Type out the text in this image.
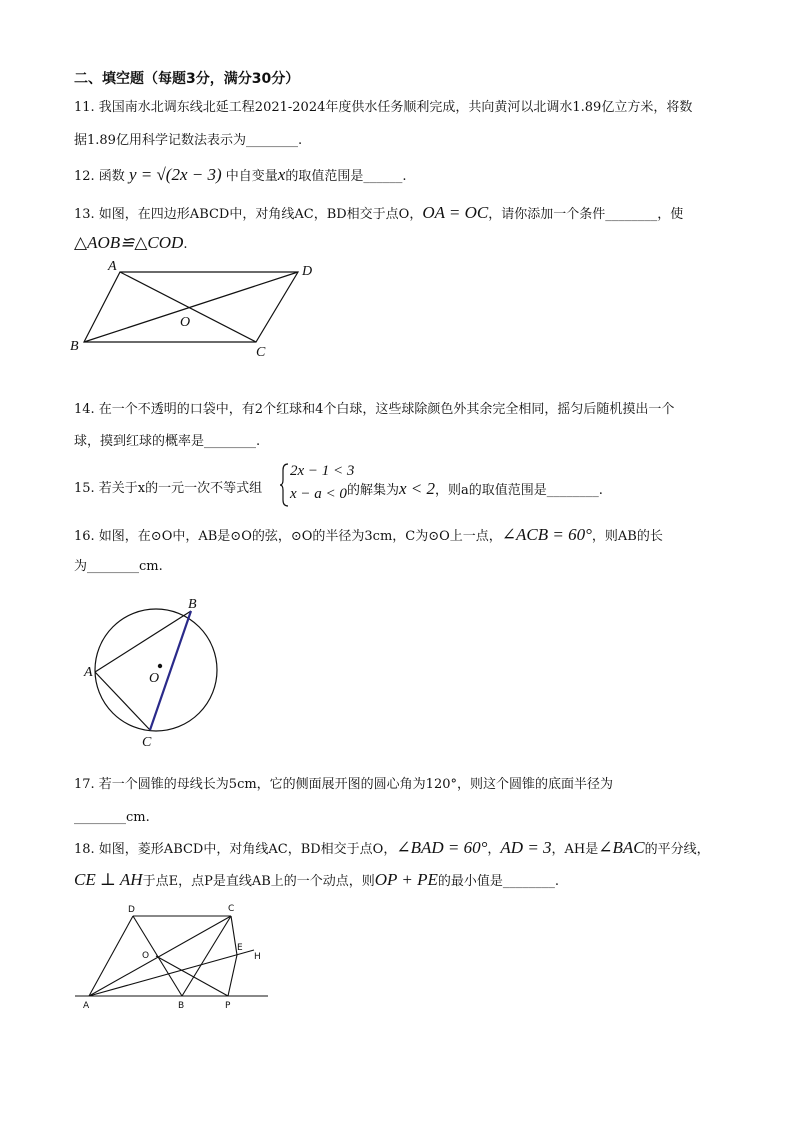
二、填空题（每题3分，满分30分）
11. 我国南水北调东线北延工程2021-2024年度供水任务顺利完成，共向黄河以北调水1.89亿立方米，将数
据1.89亿用科学记数法表示为________.
12. 函数 y = √(2x − 3) 中自变量x的取值范围是______.
13. 如图，在四边形ABCD中，对角线AC，BD相交于点O，OA = OC，请你添加一个条件________，使
△AOB≌△COD.
A	D
O
B	C
14. 在一个不透明的口袋中，有2个红球和4个白球，这些球除颜色外其余完全相同，摇匀后随机摸出一个
球，摸到红球的概率是________.
15. 若关于x的一元一次不等式组
2x − 1 < 3
x − a < 0 的解集为x < 2，则a的取值范围是________.
16. 如图，在⊙O中，AB是⊙O的弦，⊙O的半径为3cm，C为⊙O上一点，∠ACB = 60°，则AB的长
为________cm.
B
A	O
C
17. 若一个圆锥的母线长为5cm，它的侧面展开图的圆心角为120°，则这个圆锥的底面半径为
________cm.
18. 如图，菱形ABCD中，对角线AC，BD相交于点O，∠BAD = 60°，AD = 3，AH是∠BAC的平分线，
CE ⊥ AH于点E，点P是直线AB上的一个动点，则OP + PE的最小值是________.
D	C
O
E
H
A	B	P
